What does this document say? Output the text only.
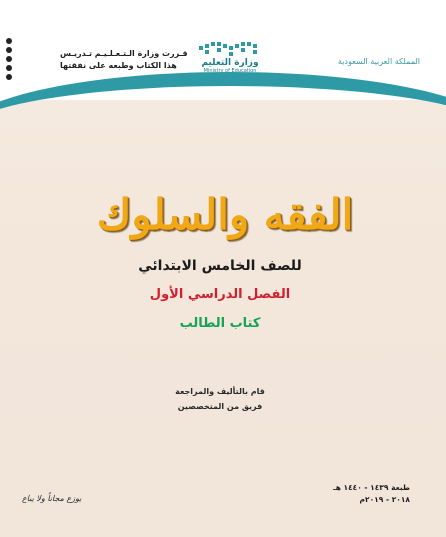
قـررت وزارة الـتـعـلـيـم تـدريـس
هذا الكتاب وطبعه على نفقتها	وزارة التعليم
Ministry of Education
المملكة العربية السعودية
الفقه والسلوك
للصف الخامس الابتدائي
الفصل الدراسي الأول
كتاب الطالب
قام بالتأليف والمراجعة
فريق من المتخصصين
طبعة ١٤٣٩ - ١٤٤٠ هـ
٢٠١٨ - ٢٠١٩م
يوزع مجاناً ولا يباع
